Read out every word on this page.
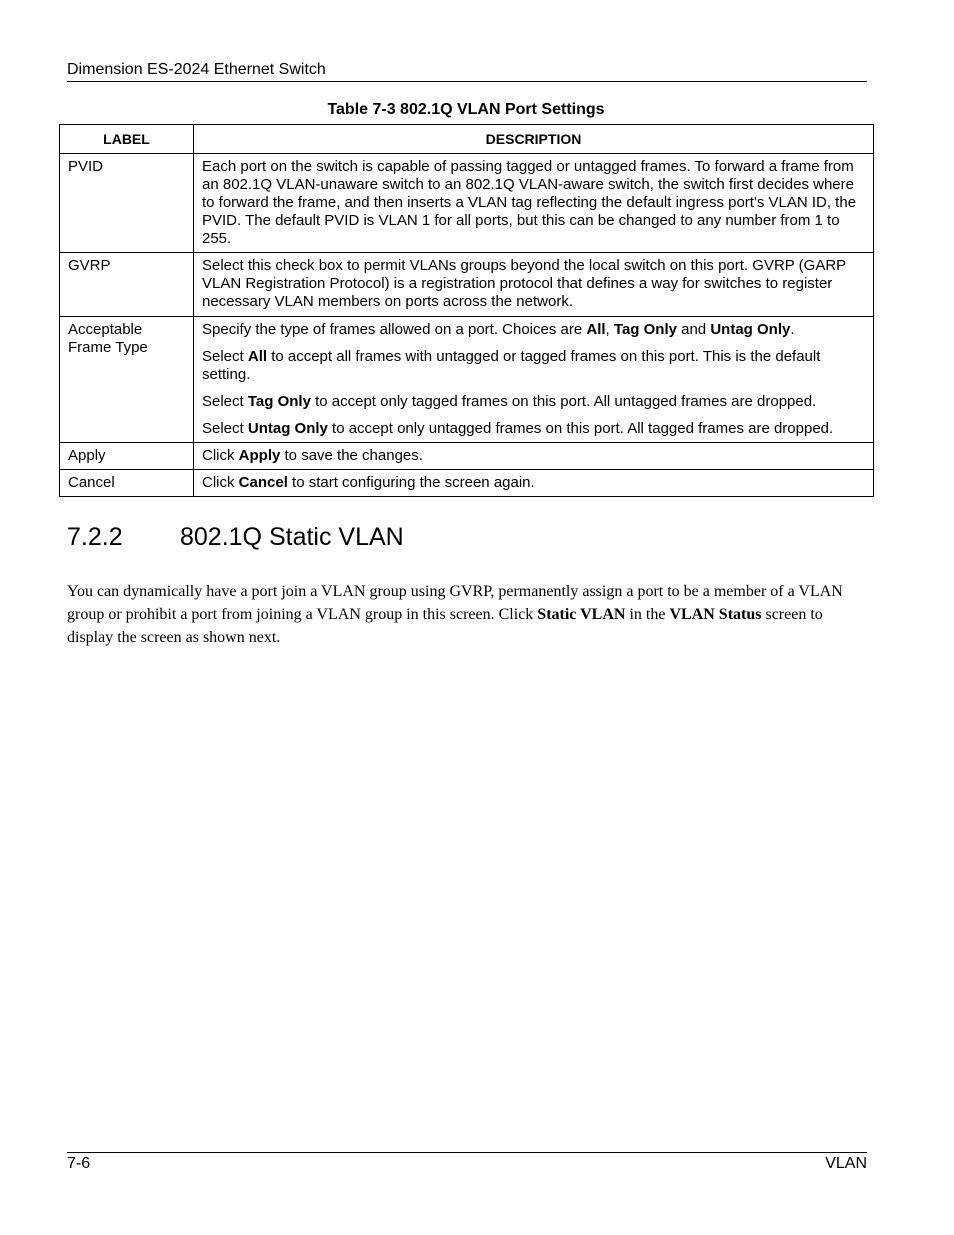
Dimension ES-2024 Ethernet Switch
Table 7-3 802.1Q VLAN Port Settings
LABEL	DESCRIPTION
PVID	Each port on the switch is capable of passing tagged or untagged frames. To forward a frame from an 802.1Q VLAN-unaware switch to an 802.1Q VLAN-aware switch, the switch first decides where to forward the frame, and then inserts a VLAN tag reflecting the default ingress port's VLAN ID, the PVID. The default PVID is VLAN 1 for all ports, but this can be changed to any number from 1 to 255.
GVRP	Select this check box to permit VLANs groups beyond the local switch on this port. GVRP (GARP VLAN Registration Protocol) is a registration protocol that defines a way for switches to register necessary VLAN members on ports across the network.
Acceptable Frame Type	Specify the type of frames allowed on a port. Choices are All, Tag Only and Untag Only.

Select All to accept all frames with untagged or tagged frames on this port. This is the default setting.

Select Tag Only to accept only tagged frames on this port. All untagged frames are dropped.

Select Untag Only to accept only untagged frames on this port. All tagged frames are dropped.

Apply	Click Apply to save the changes.
Cancel	Click Cancel to start configuring the screen again.
7.2.2 802.1Q Static VLAN

You can dynamically have a port join a VLAN group using GVRP, permanently assign a port to be a member of a VLAN group or prohibit a port from joining a VLAN group in this screen. Click Static VLAN in the VLAN Status screen to display the screen as shown next.

7-6	VLAN
